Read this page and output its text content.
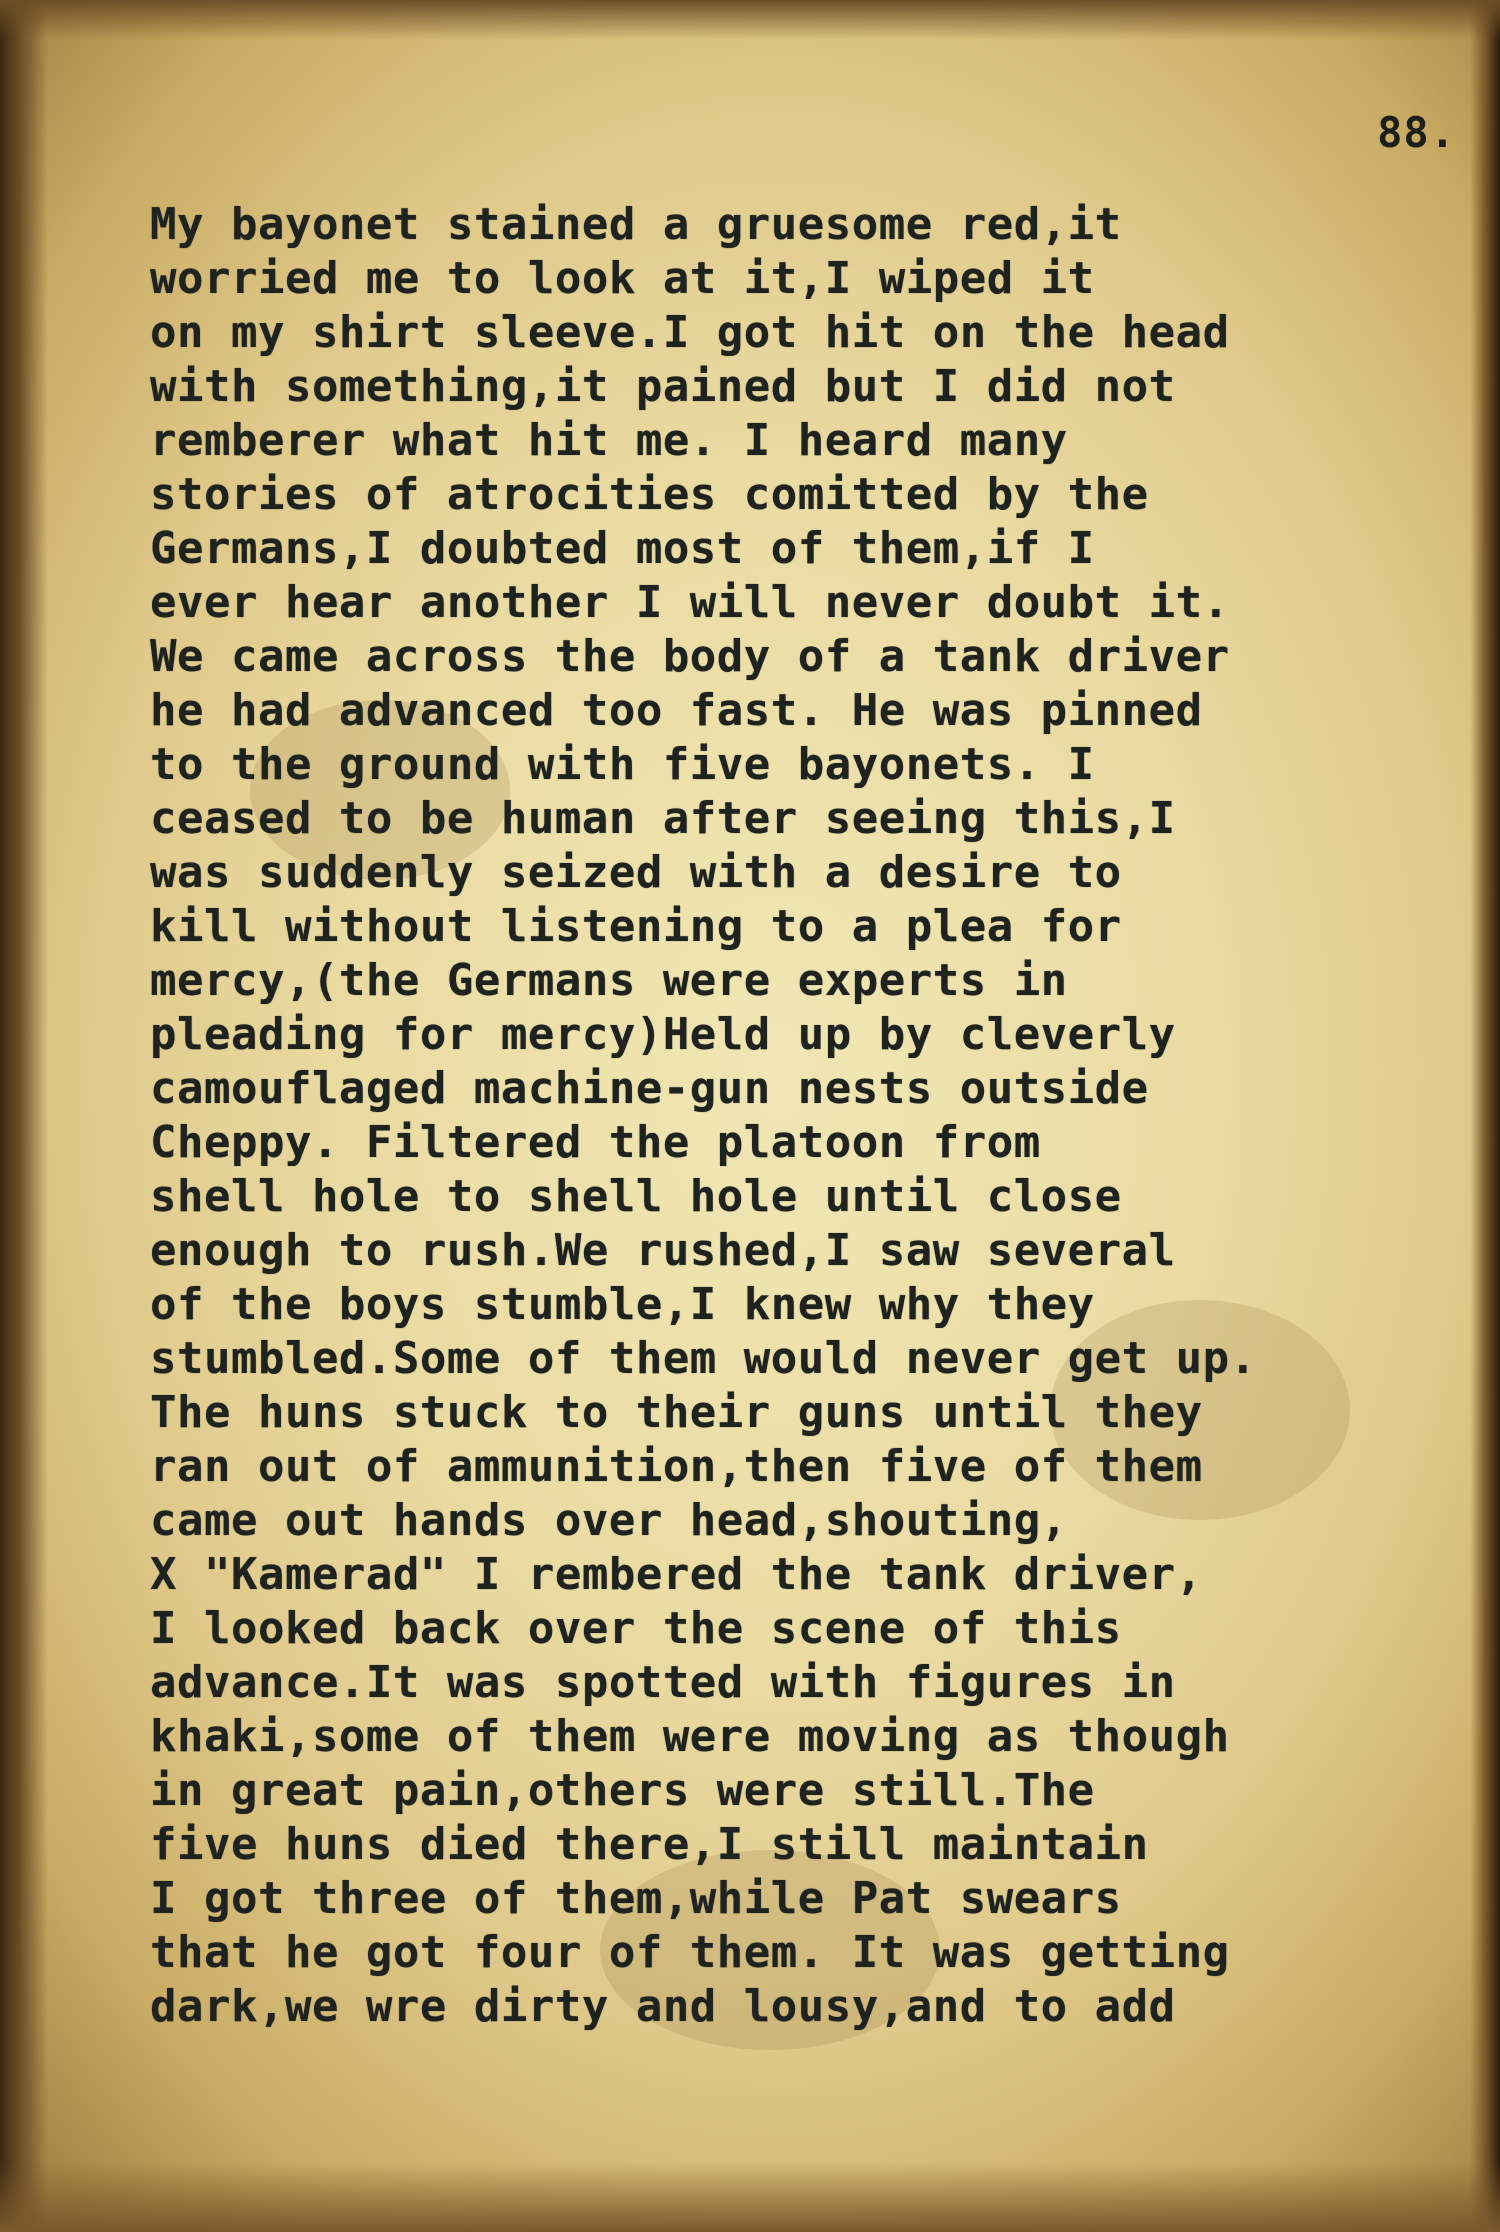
88.
My bayonet stained a gruesome red,it
worried me to look at it,I wiped it
on my shirt sleeve.I got hit on the head
with something,it pained but I did not
remberer what hit me. I heard many
stories of atrocities comitted by the
Germans,I doubted most of them,if I
ever hear another I will never doubt it.
We came across the body of a tank driver
he had advanced too fast. He was pinned
to the ground with five bayonets. I
ceased to be human after seeing this,I
was suddenly seized with a desire to
kill without listening to a plea for
mercy,(the Germans were experts in
pleading for mercy)Held up by cleverly
camouflaged machine-gun nests outside
Cheppy. Filtered the platoon from
shell hole to shell hole until close
enough to rush.We rushed,I saw several
of the boys stumble,I knew why they
stumbled.Some of them would never get up.
The huns stuck to their guns until they
ran out of ammunition,then five of them
came out hands over head,shouting,
X "Kamerad" I rembered the tank driver,
I looked back over the scene of this
advance.It was spotted with figures in
khaki,some of them were moving as though
in great pain,others were still.The
five huns died there,I still maintain
I got three of them,while Pat swears
that he got four of them. It was getting
dark,we wre dirty and lousy,and to add
